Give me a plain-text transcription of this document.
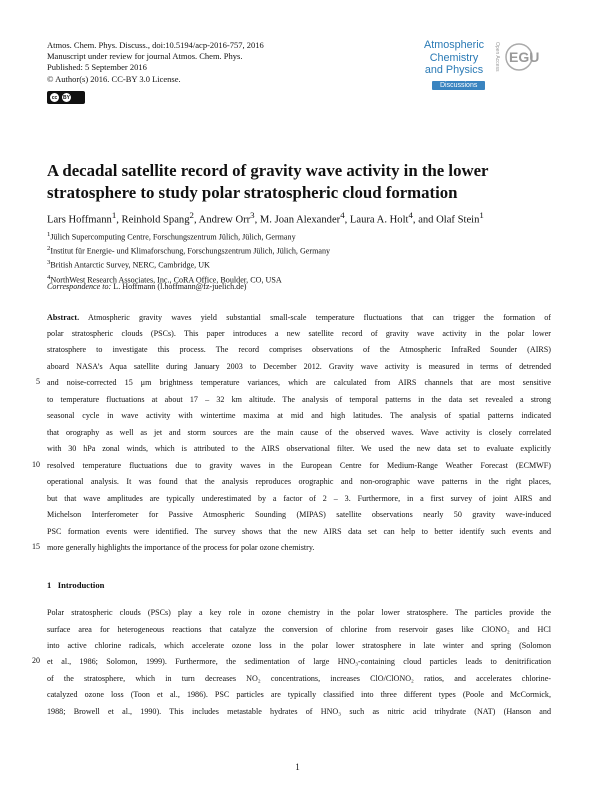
Atmos. Chem. Phys. Discuss., doi:10.5194/acp-2016-757, 2016
Manuscript under review for journal Atmos. Chem. Phys.
Published: 5 September 2016
© Author(s) 2016. CC-BY 3.0 License.
cc	BY
Atmospheric
Chemistry
and Physics
Discussions
Open Access EGU
A decadal satellite record of gravity wave activity in the lower
stratosphere to study polar stratospheric cloud formation
Lars Hoffmann$^1$, Reinhold Spang$^2$, Andrew Orr$^3$, M. Joan Alexander$^4$, Laura A. Holt$^4$, and Olaf Stein$^1$
$^1$Jülich Supercomputing Centre, Forschungszentrum Jülich, Jülich, Germany
$^2$Institut für Energie- und Klimaforschung, Forschungszentrum Jülich, Jülich, Germany
$^3$British Antarctic Survey, NERC, Cambridge, UK
$^4$NorthWest Research Associates, Inc., CoRA Office, Boulder, CO, USA
Correspondence to: L. Hoffmann (l.hoffmann@fz-juelich.de)
Abstract. Atmospheric gravity waves yield substantial small-scale temperature fluctuations that can trigger the formation of
polar stratospheric clouds (PSCs). This paper introduces a new satellite record of gravity wave activity in the polar lower
stratosphere to investigate this process. The record comprises observations of the Atmospheric InfraRed Sounder (AIRS)
aboard NASA’s Aqua satellite during January 2003 to December 2012. Gravity wave activity is measured in terms of detrended
and noise-corrected 15 μm brightness temperature variances, which are calculated from AIRS channels that are most sensitive
to temperature fluctuations at about 17 – 32 km altitude. The analysis of temporal patterns in the data set revealed a strong
seasonal cycle in wave activity with wintertime maxima at mid and high latitudes. The analysis of spatial patterns indicated
that orography as well as jet and storm sources are the main cause of the observed waves. Wave activity is closely correlated
with 30 hPa zonal winds, which is attributed to the AIRS observational filter. We used the new data set to evaluate explicitly
resolved temperature fluctuations due to gravity waves in the European Centre for Medium-Range Weather Forecast (ECMWF)
operational analysis. It was found that the analysis reproduces orographic and non-orographic wave patterns in the right places,
but that wave amplitudes are typically underestimated by a factor of 2 – 3. Furthermore, in a first survey of joint AIRS and
Michelson Interferometer for Passive Atmospheric Sounding (MIPAS) satellite observations nearly 50 gravity wave-induced
PSC formation events were identified. The survey shows that the new AIRS data set can help to better identify such events and
more generally highlights the importance of the process for polar ozone chemistry.
1 Introduction
Polar stratospheric clouds (PSCs) play a key role in ozone chemistry in the polar lower stratosphere. The particles provide the
surface area for heterogeneous reactions that catalyze the conversion of chlorine from reservoir gases like ClONO₂ and HCl
into active chlorine radicals, which accelerate ozone loss in the polar lower stratosphere in late winter and spring (Solomon
et al., 1986; Solomon, 1999). Furthermore, the sedimentation of large HNO₃-containing cloud particles leads to denitrification
of the stratosphere, which in turn decreases NO₂ concentrations, increases ClO/ClONO₂ ratios, and accelerates chlorine-
catalyzed ozone loss (Toon et al., 1986). PSC particles are typically classified into three different types (Poole and McCormick,
1988; Browell et al., 1990). This includes metastable hydrates of HNO₃ such as nitric acid trihydrate (NAT) (Hanson and
5
10
15
20
1
